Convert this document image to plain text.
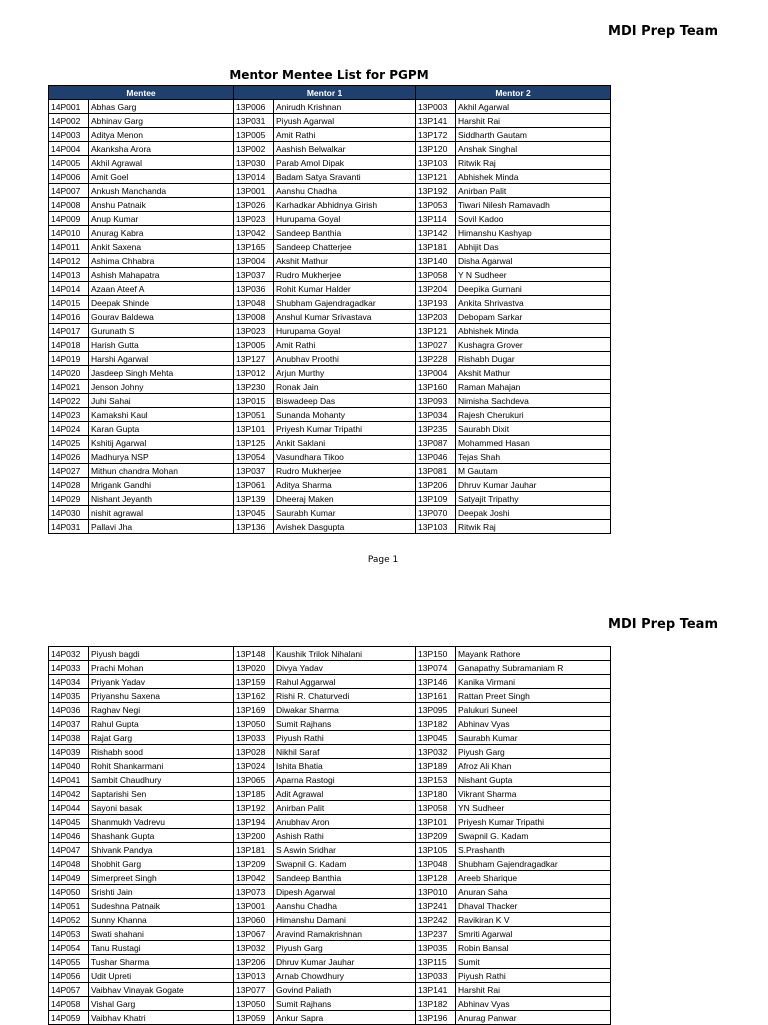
MDI Prep Team
Mentor Mentee List for PGPM
Mentee		Mentor 1		Mentor 2	
14P001	Abhas Garg	13P006	Anirudh Krishnan	13P003	Akhil Agarwal
14P002	Abhinav Garg	13P031	Piyush Agarwal	13P141	Harshit Rai
14P003	Aditya Menon	13P005	Amit Rathi	13P172	Siddharth Gautam
14P004	Akanksha Arora	13P002	Aashish Belwalkar	13P120	Anshak Singhal
14P005	Akhil Agrawal	13P030	Parab Amol Dipak	13P103	Ritwik Raj
14P006	Amit Goel	13P014	Badam Satya Sravanti	13P121	Abhishek Minda
14P007	Ankush Manchanda	13P001	Aanshu Chadha	13P192	Anirban Palit
14P008	Anshu Patnaik	13P026	Karhadkar Abhidnya Girish	13P053	Tiwari Nilesh Ramavadh
14P009	Anup Kumar	13P023	Hurupama Goyal	13P114	Sovil Kadoo
14P010	Anurag Kabra	13P042	Sandeep Banthia	13P142	Himanshu Kashyap
14P011	Ankit Saxena	13P165	Sandeep Chatterjee	13P181	Abhijit Das
14P012	Ashima Chhabra	13P004	Akshit Mathur	13P140	Disha Agarwal
14P013	Ashish Mahapatra	13P037	Rudro Mukherjee	13P058	Y N Sudheer
14P014	Azaan Ateef A	13P036	Rohit Kumar Halder	13P204	Deepika Gurnani
14P015	Deepak Shinde	13P048	Shubham Gajendragadkar	13P193	Ankita Shrivastva
14P016	Gourav Baldewa	13P008	Anshul Kumar Srivastava	13P203	Debopam Sarkar
14P017	Gurunath S	13P023	Hurupama Goyal	13P121	Abhishek Minda
14P018	Harish Gutta	13P005	Amit Rathi	13P027	Kushagra Grover
14P019	Harshi Agarwal	13P127	Anubhav Proothi	13P228	Rishabh Dugar
14P020	Jasdeep Singh Mehta	13P012	Arjun Murthy	13P004	Akshit Mathur
14P021	Jenson Johny	13P230	Ronak Jain	13P160	Raman Mahajan
14P022	Juhi Sahai	13P015	Biswadeep Das	13P093	Nimisha Sachdeva
14P023	Kamakshi Kaul	13P051	Sunanda Mohanty	13P034	Rajesh Cherukuri
14P024	Karan Gupta	13P101	Priyesh Kumar Tripathi	13P235	Saurabh Dixit
14P025	Kshitij Agarwal	13P125	Ankit Saklani	13P087	Mohammed Hasan
14P026	Madhurya NSP	13P054	Vasundhara Tikoo	13P046	Tejas Shah
14P027	Mithun chandra Mohan	13P037	Rudro Mukherjee	13P081	M Gautam
14P028	Mrigank Gandhi	13P061	Aditya Sharma	13P206	Dhruv Kumar Jauhar
14P029	Nishant Jeyanth	13P139	Dheeraj Maken	13P109	Satyajit Tripathy
14P030	nishit agrawal	13P045	Saurabh Kumar	13P070	Deepak Joshi
14P031	Pallavi Jha	13P136	Avishek Dasgupta	13P103	Ritwik Raj
Page 1
MDI Prep Team
14P032	Piyush bagdi	13P148	Kaushik Trilok Nihalani	13P150	Mayank Rathore
14P033	Prachi Mohan	13P020	Divya Yadav	13P074	Ganapathy Subramaniam R
14P034	Priyank Yadav	13P159	Rahul Aggarwal	13P146	Kanika Virmani
14P035	Priyanshu Saxena	13P162	Rishi R. Chaturvedi	13P161	Rattan Preet Singh
14P036	Raghav Negi	13P169	Diwakar Sharma	13P095	Palukuri Suneel
14P037	Rahul Gupta	13P050	Sumit Rajhans	13P182	Abhinav Vyas
14P038	Rajat Garg	13P033	Piyush Rathi	13P045	Saurabh Kumar
14P039	Rishabh sood	13P028	Nikhil Saraf	13P032	Piyush Garg
14P040	Rohit Shankarmani	13P024	Ishita Bhatia	13P189	Afroz Ali Khan
14P041	Sambit Chaudhury	13P065	Aparna Rastogi	13P153	Nishant Gupta
14P042	Saptarishi Sen	13P185	Adit Agrawal	13P180	Vikrant Sharma
14P044	Sayoni basak	13P192	Anirban Palit	13P058	YN Sudheer
14P045	Shanmukh Vadrevu	13P194	Anubhav Aron	13P101	Priyesh Kumar Tripathi
14P046	Shashank Gupta	13P200	Ashish Rathi	13P209	Swapnil G. Kadam
14P047	Shivank Pandya	13P181	S Aswin Sridhar	13P105	S.Prashanth
14P048	Shobhit Garg	13P209	Swapnil G. Kadam	13P048	Shubham Gajendragadkar
14P049	Simerpreet Singh	13P042	Sandeep Banthia	13P128	Areeb Sharique
14P050	Srishti Jain	13P073	Dipesh Agarwal	13P010	Anuran Saha
14P051	Sudeshna Patnaik	13P001	Aanshu Chadha	13P241	Dhaval Thacker
14P052	Sunny Khanna	13P060	Himanshu Damani	13P242	Ravikiran K V
14P053	Swati shahani	13P067	Aravind Ramakrishnan	13P237	Smriti Agarwal
14P054	Tanu Rustagi	13P032	Piyush Garg	13P035	Robin Bansal
14P055	Tushar Sharma	13P206	Dhruv Kumar Jauhar	13P115	Sumit
14P056	Udit Upreti	13P013	Arnab Chowdhury	13P033	Piyush Rathi
14P057	Vaibhav Vinayak Gogate	13P077	Govind Paliath	13P141	Harshit Rai
14P058	Vishal Garg	13P050	Sumit Rajhans	13P182	Abhinav Vyas
14P059	Vaibhav Khatri	13P059	Ankur Sapra	13P196	Anurag Panwar
